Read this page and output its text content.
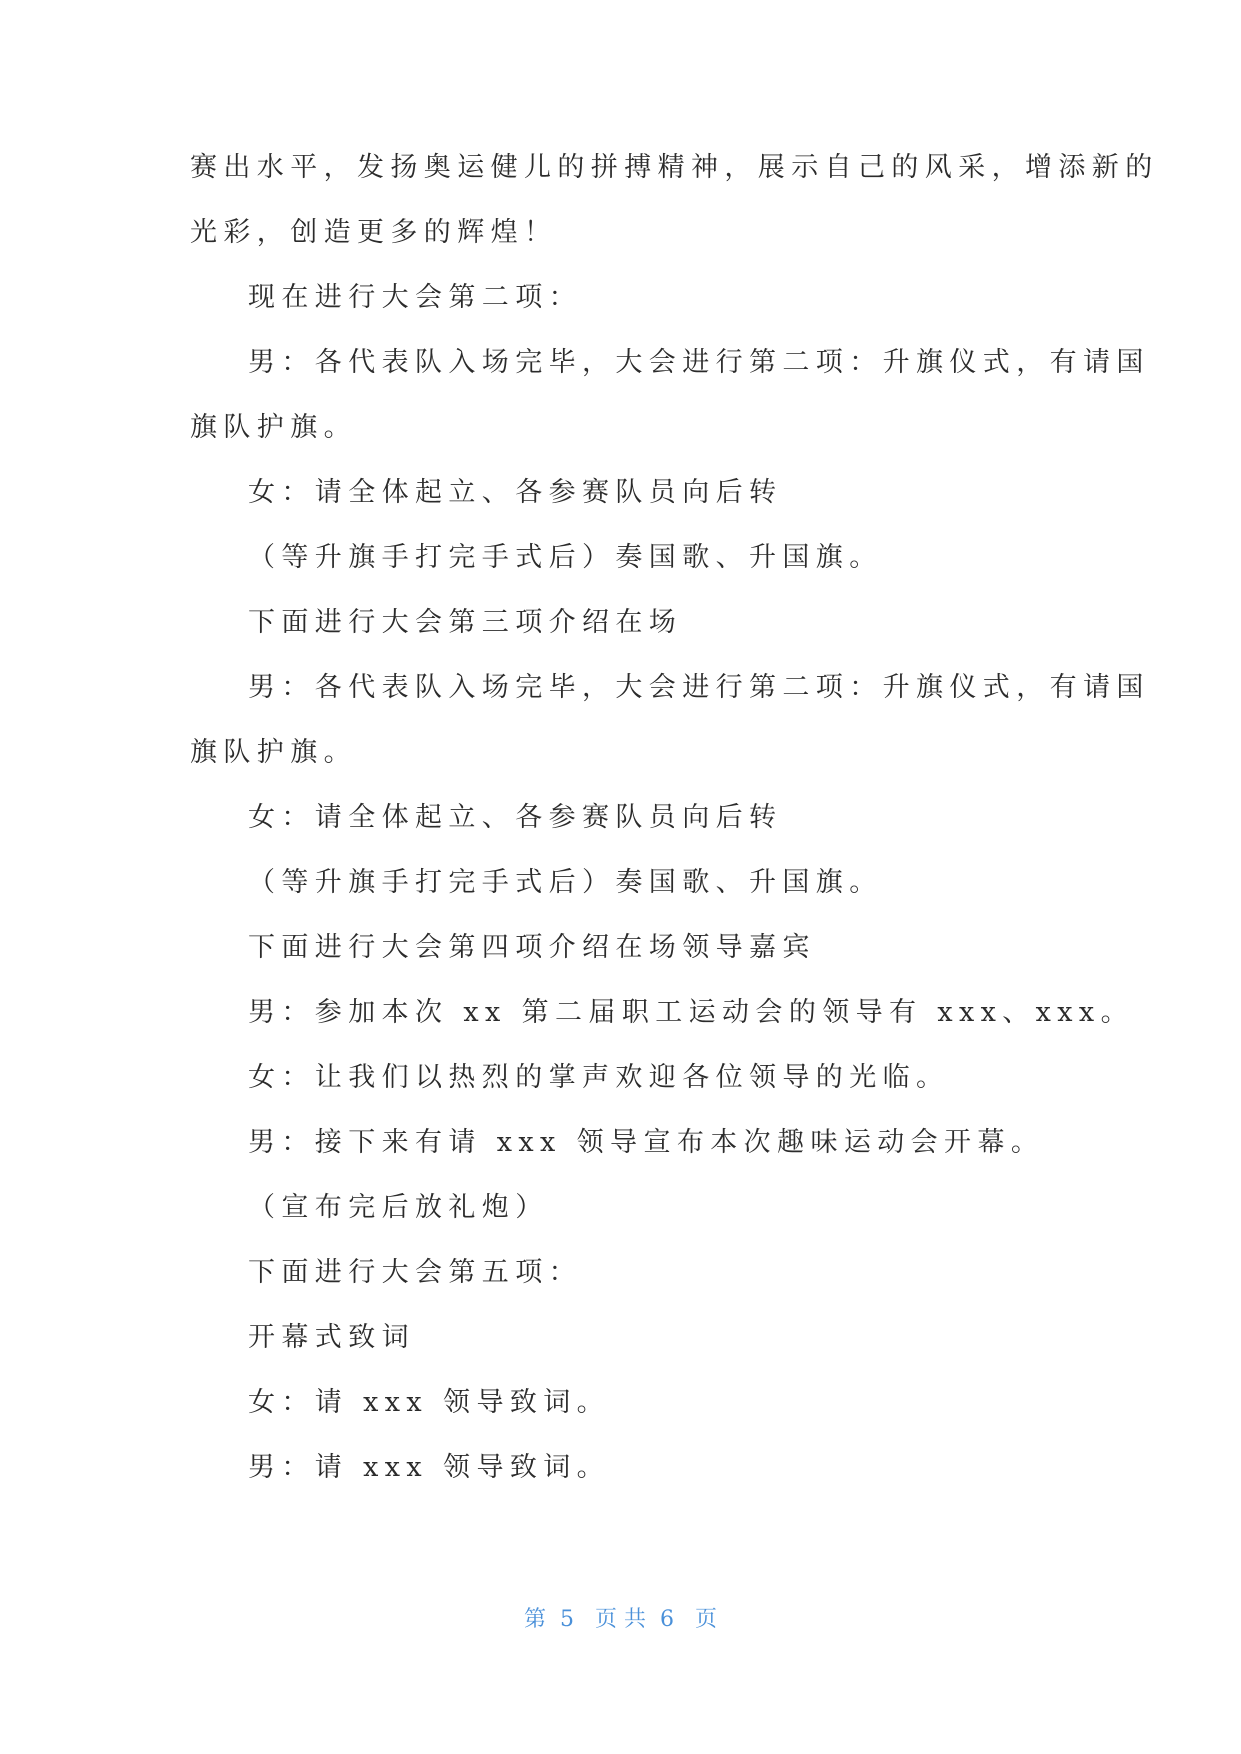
赛出水平，发扬奥运健儿的拼搏精神，展示自己的风采，增添新的

光彩，创造更多的辉煌！

现在进行大会第二项：

男：各代表队入场完毕，大会进行第二项：升旗仪式，有请国

旗队护旗。

女：请全体起立、各参赛队员向后转

（等升旗手打完手式后）奏国歌、升国旗。

下面进行大会第三项介绍在场

男：各代表队入场完毕，大会进行第二项：升旗仪式，有请国

旗队护旗。

女：请全体起立、各参赛队员向后转

（等升旗手打完手式后）奏国歌、升国旗。

下面进行大会第四项介绍在场领导嘉宾

男：参加本次 xx 第二届职工运动会的领导有 xxx、xxx。

女：让我们以热烈的掌声欢迎各位领导的光临。

男：接下来有请 xxx 领导宣布本次趣味运动会开幕。

（宣布完后放礼炮）

下面进行大会第五项：

开幕式致词

女：请 xxx 领导致词。

男：请 xxx 领导致词。

第  5   页 共  6   页
